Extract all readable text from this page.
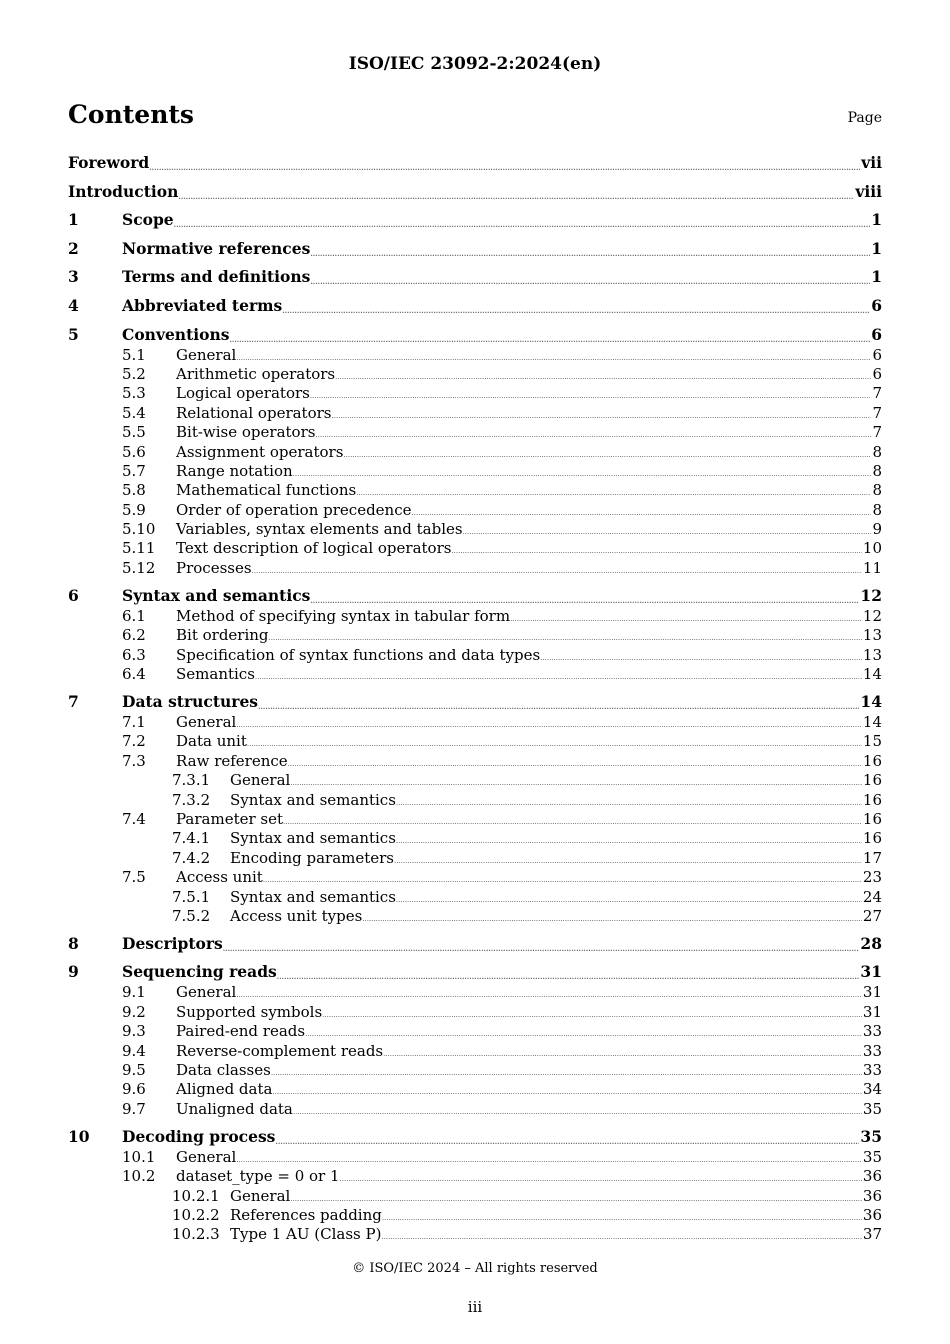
ISO/IEC 23092-2:2024(en)
Contents	Page
Foreword .....	vii
Introduction .....	viii
1	Scope .....	1
2	Normative references .....	1
3	Terms and definitions .....	1
4	Abbreviated terms .....	6
5	Conventions .....	6
5.1 General .....	6
5.2 Arithmetic operators .....	6
5.3 Logical operators .....	7
5.4 Relational operators .....	7
5.5 Bit-wise operators .....	7
5.6 Assignment operators .....	8
5.7 Range notation .....	8
5.8 Mathematical functions .....	8
5.9 Order of operation precedence .....	8
5.10 Variables, syntax elements and tables .....	9
5.11 Text description of logical operators .....	10
5.12 Processes .....	11
6	Syntax and semantics .....	12
6.1 Method of specifying syntax in tabular form .....	12
6.2 Bit ordering .....	13
6.3 Specification of syntax functions and data types .....	13
6.4 Semantics .....	14
7	Data structures .....	14
7.1 General .....	14
7.2 Data unit .....	15
7.3 Raw reference .....	16
7.3.1 General .....	16
7.3.2 Syntax and semantics .....	16
7.4 Parameter set .....	16
7.4.1 Syntax and semantics .....	16
7.4.2 Encoding parameters .....	17
7.5 Access unit .....	23
7.5.1 Syntax and semantics .....	24
7.5.2 Access unit types .....	27
8	Descriptors .....	28
9	Sequencing reads .....	31
9.1 General .....	31
9.2 Supported symbols .....	31
9.3 Paired-end reads .....	33
9.4 Reverse-complement reads .....	33
9.5 Data classes .....	33
9.6 Aligned data .....	34
9.7 Unaligned data .....	35
10 Decoding process .....	35
10.1 General .....	35
10.2 dataset_type = 0 or 1 .....	36
10.2.1 General .....	36
10.2.2 References padding .....	36
10.2.3 Type 1 AU (Class P) .....	37
© ISO/IEC 2024 – All rights reserved
iii
